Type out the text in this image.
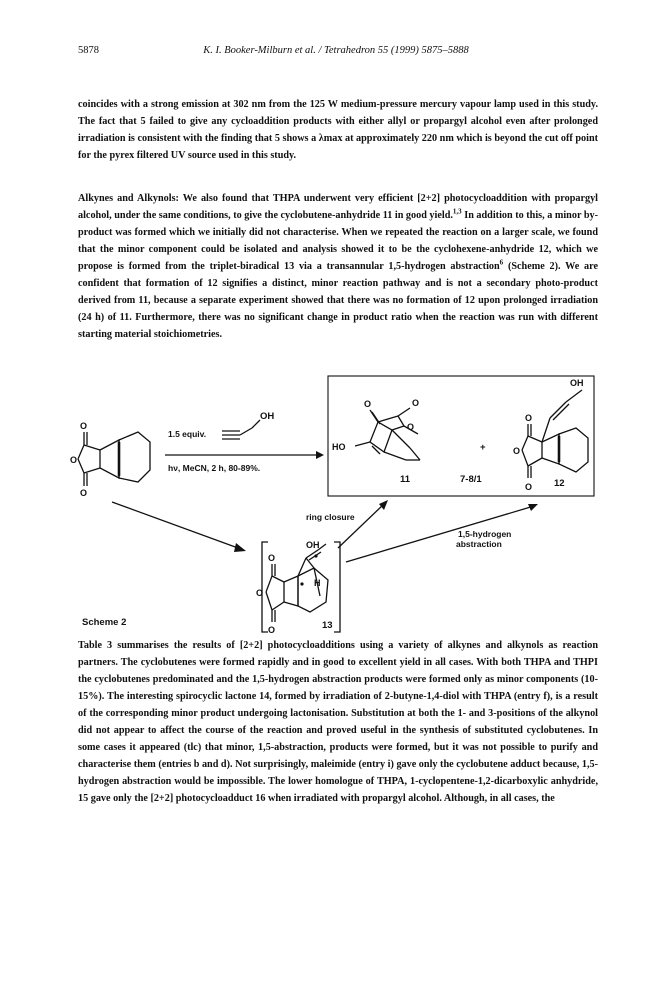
5878	K. I. Booker-Milburn et al. / Tetrahedron 55 (1999) 5875–5888

coincides with a strong emission at 302 nm from the 125 W medium-pressure mercury vapour lamp used in this study. The fact that 5 failed to give any cycloaddition products with either allyl or propargyl alcohol even after prolonged irradiation is consistent with the finding that 5 shows a λmax at approximately 220 nm which is beyond the cut off point for the pyrex filtered UV source used in this study.

Alkynes and Alkynols: We also found that THPA underwent very efficient [2+2] photocycloaddition with propargyl alcohol, under the same conditions, to give the cyclobutene-anhydride 11 in good yield.$^{1,3}$ In addition to this, a minor by-product was formed which we initially did not characterise. When we repeated the reaction on a larger scale, we found that the minor component could be isolated and analysis showed it to be the cyclohexene-anhydride 12, which we propose is formed from the triplet-biradical 13 via a transannular 1,5-hydrogen abstraction$^6$ (Scheme 2). We are confident that formation of 12 signifies a distinct, minor reaction pathway and is not a secondary photo-product derived from 11, because a separate experiment showed that there was no formation of 12 upon prolonged irradiation (24 h) of 11. Furthermore, there was no significant change in product ratio when the reaction was run with different starting material stoichiometries.

O
O
O
OH
1.5 equiv.
hν, MeCN, 2 h, 80-89%.
HO
O
O
O
11
+
7-8/1
OH
O
O
O 12
OH
O
O
O
H
13
ring closure
1,5-hydrogen
abstraction
Scheme 2

Table 3 summarises the results of [2+2] photocycloadditions using a variety of alkynes and alkynols as reaction partners. The cyclobutenes were formed rapidly and in good to excellent yield in all cases. With both THPA and THPI the cyclobutenes predominated and the 1,5-hydrogen abstraction products were formed only as minor components (10-15%). The interesting spirocyclic lactone 14, formed by irradiation of 2-butyne-1,4-diol with THPA (entry f), is a result of the corresponding minor product undergoing lactonisation. Substitution at both the 1- and 3-positions of the alkynol did not appear to affect the course of the reaction and proved useful in the synthesis of substituted cyclobutenes. In some cases it appeared (tlc) that minor, 1,5-abstraction, products were formed, but it was not possible to purify and characterise them (entries b and d). Not surprisingly, maleimide (entry i) gave only the cyclobutene adduct because, 1,5-hydrogen abstraction would be impossible. The lower homologue of THPA, 1-cyclopentene-1,2-dicarboxylic anhydride, 15 gave only the [2+2] photocycloadduct 16 when irradiated with propargyl alcohol. Although, in all cases, the
